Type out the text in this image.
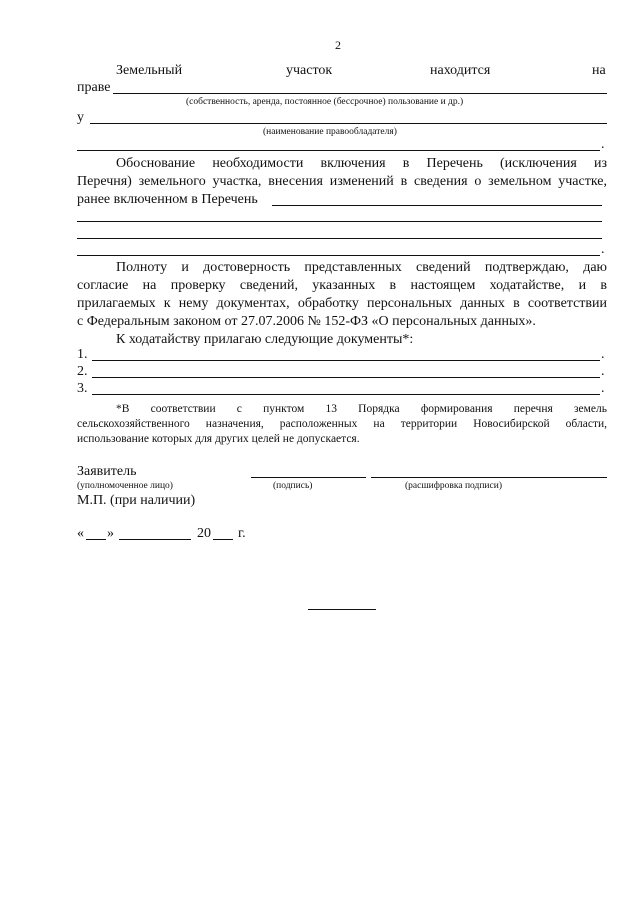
2
Земельный	участок	находится	на
праве
(собственность, аренда, постоянное (бессрочное) пользование и др.)
у
(наименование правообладателя)
.
Обоснование необходимости включения в Перечень (исключения из
Перечня) земельного участка, внесения изменений в сведения о земельном участке,
ранее включенном в Перечень
.
Полноту и достоверность представленных сведений подтверждаю, даю
согласие на проверку сведений, указанных в настоящем ходатайстве, и в
прилагаемых к нему документах, обработку персональных данных в соответствии
с Федеральным законом от 27.07.2006 № 152-ФЗ «О персональных данных».
К ходатайству прилагаю следующие документы*:
1.	.
2.	.
3.	.
*В соответствии с пунктом 13 Порядка формирования перечня земель
сельскохозяйственного назначения, расположенных на территории Новосибирской области,
использование которых для других целей не допускается.
Заявитель
(уполномоченное лицо)	(подпись)	(расшифровка подписи)
М.П. (при наличии)
« »	20 г.
